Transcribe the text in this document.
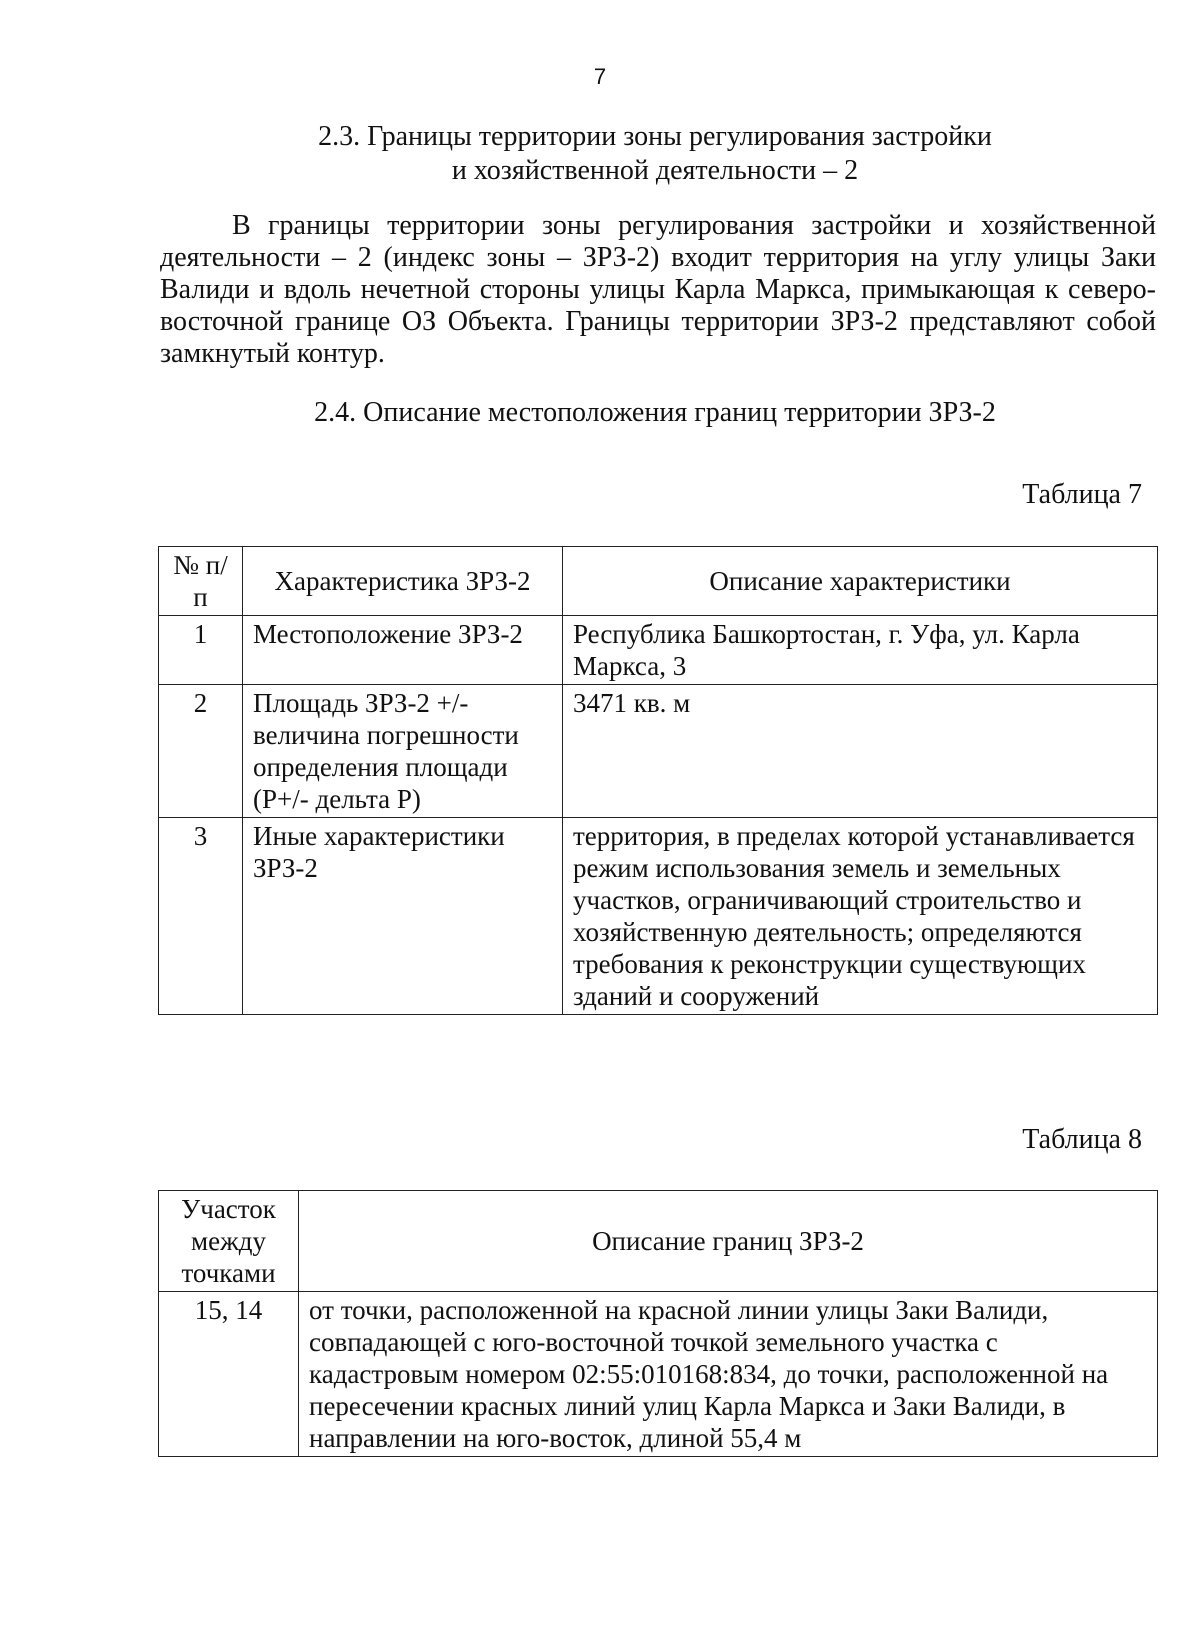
7
2.3. Границы территории зоны регулирования застройки
и хозяйственной деятельности – 2

В границы территории зоны регулирования застройки и хозяйственной деятельности – 2 (индекс зоны – ЗРЗ-2) входит территория на углу улицы Заки Валиди и вдоль нечетной стороны улицы Карла Маркса, примыкающая к северо-восточной границе ОЗ Объекта. Границы территории ЗРЗ-2 представляют собой замкнутый контур.

2.4. Описание местоположения границ территории ЗРЗ-2
Таблица 7
№ п/п	Характеристика ЗРЗ-2	Описание характеристики
1	Местоположение ЗРЗ-2	Республика Башкортостан, г. Уфа, ул. Карла Маркса, 3
2	Площадь ЗРЗ-2 +/- величина погрешности определения площади (Р+/- дельта Р)	3471 кв. м
3	Иные характеристики ЗРЗ-2	территория, в пределах которой устанавливается режим использования земель и земельных участков, ограничивающий строительство и хозяйственную деятельность; определяются требования к реконструкции существующих зданий и сооружений
Таблица 8
Участок между точками	Описание границ ЗРЗ-2
15, 14	от точки, расположенной на красной линии улицы Заки Валиди, совпадающей с юго-восточной точкой земельного участка с кадастровым номером 02:55:010168:834, до точки, расположенной на пересечении красных линий улиц Карла Маркса и Заки Валиди, в направлении на юго-восток, длиной 55,4 м
